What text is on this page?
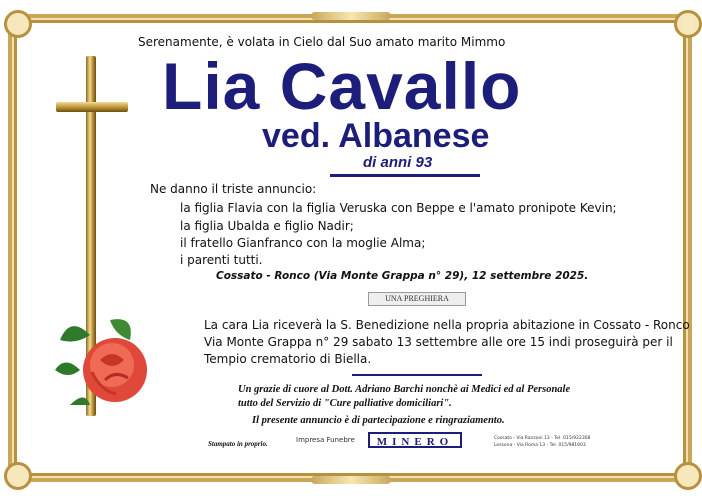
Serenamente, è volata in Cielo dal Suo amato marito Mimmo

Lia Cavallo

ved. Albanese

di anni 93

Ne danno il triste annuncio:

la figlia Flavia con la figlia Veruska con Beppe e l'amato pronipote Kevin;

la figlia Ubalda e figlio Nadir;

il fratello Gianfranco con la moglie Alma;

i parenti tutti.

Cossato - Ronco (Via Monte Grappa n° 29), 12 settembre 2025.

UNA PREGHIERA

La cara Lia riceverà la S. Benedizione nella propria abitazione in Cossato - Ronco

Via Monte Grappa n° 29 sabato 13 settembre alle ore 15 indi proseguirà per il

Tempio crematorio di Biella.

Un grazie di cuore al Dott. Adriano Barchi nonchè ai Medici ed al Personale

tutto del Servizio di "Cure palliative domiciliari".

Il presente annuncio è di partecipazione e ringraziamento.

Stampato in proprio.	Impresa Funebre	MINERO	Cossato - Via Ranzoni 13 - Tel. 015/922308

Lessona - Via Roma 13 - Tel. 015/981603
